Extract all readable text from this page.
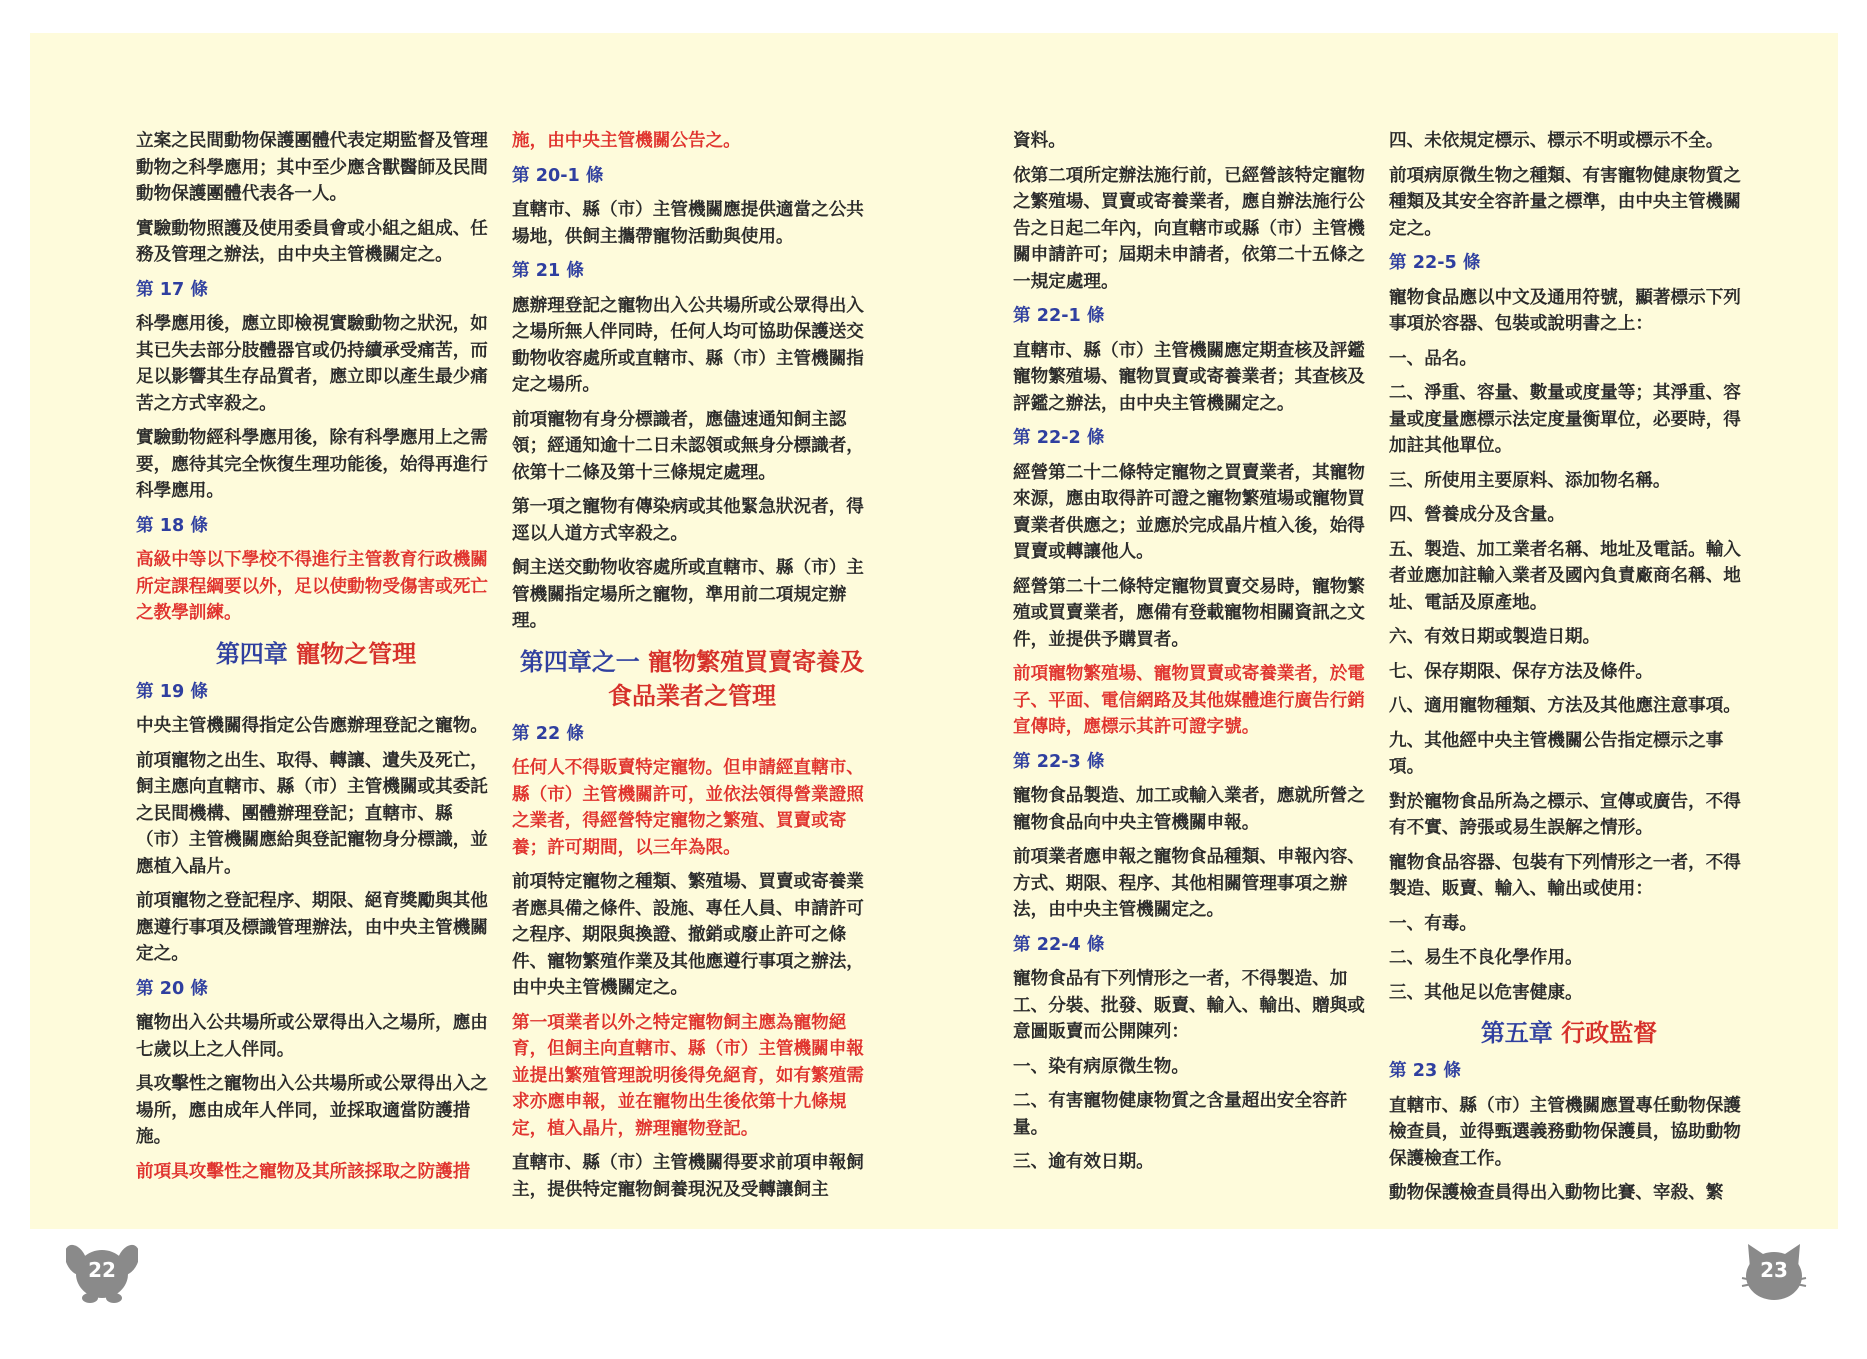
立案之民間動物保護團體代表定期監督及管理動物之科學應用；其中至少應含獸醫師及民間動物保護團體代表各一人。

實驗動物照護及使用委員會或小組之組成、任務及管理之辦法，由中央主管機關定之。

第 17 條

科學應用後，應立即檢視實驗動物之狀況，如其已失去部分肢體器官或仍持續承受痛苦，而足以影響其生存品質者，應立即以產生最少痛苦之方式宰殺之。

實驗動物經科學應用後，除有科學應用上之需要，應待其完全恢復生理功能後，始得再進行科學應用。

第 18 條

高級中等以下學校不得進行主管教育行政機關所定課程綱要以外，足以使動物受傷害或死亡之教學訓練。

第四章 寵物之管理

第 19 條

中央主管機關得指定公告應辦理登記之寵物。

前項寵物之出生、取得、轉讓、遺失及死亡，飼主應向直轄市、縣（市）主管機關或其委託之民間機構、團體辦理登記；直轄市、縣（市）主管機關應給與登記寵物身分標識，並應植入晶片。

前項寵物之登記程序、期限、絕育獎勵與其他應遵行事項及標識管理辦法，由中央主管機關定之。

第 20 條

寵物出入公共場所或公眾得出入之場所，應由七歲以上之人伴同。

具攻擊性之寵物出入公共場所或公眾得出入之場所，應由成年人伴同，並採取適當防護措施。

前項具攻擊性之寵物及其所該採取之防護措

施，由中央主管機關公告之。

第 20-1 條

直轄市、縣（市）主管機關應提供適當之公共場地，供飼主攜帶寵物活動與使用。

第 21 條

應辦理登記之寵物出入公共場所或公眾得出入之場所無人伴同時，任何人均可協助保護送交動物收容處所或直轄市、縣（市）主管機關指定之場所。

前項寵物有身分標識者，應儘速通知飼主認領；經通知逾十二日未認領或無身分標識者，依第十二條及第十三條規定處理。

第一項之寵物有傳染病或其他緊急狀況者，得逕以人道方式宰殺之。

飼主送交動物收容處所或直轄市、縣（市）主管機關指定場所之寵物，準用前二項規定辦理。

第四章之一 寵物繁殖買賣寄養及食品業者之管理

第 22 條

任何人不得販賣特定寵物。但申請經直轄市、縣（市）主管機關許可，並依法領得營業證照之業者，得經營特定寵物之繁殖、買賣或寄養；許可期間，以三年為限。

前項特定寵物之種類、繁殖場、買賣或寄養業者應具備之條件、設施、專任人員、申請許可之程序、期限與換證、撤銷或廢止許可之條件、寵物繁殖作業及其他應遵行事項之辦法，由中央主管機關定之。

第一項業者以外之特定寵物飼主應為寵物絕育，但飼主向直轄市、縣（市）主管機關申報並提出繁殖管理說明後得免絕育，如有繁殖需求亦應申報，並在寵物出生後依第十九條規定，植入晶片，辦理寵物登記。

直轄市、縣（市）主管機關得要求前項申報飼主，提供特定寵物飼養現況及受轉讓飼主

資料。

依第二項所定辦法施行前，已經營該特定寵物之繁殖場、買賣或寄養業者，應自辦法施行公告之日起二年內，向直轄市或縣（市）主管機關申請許可；屆期未申請者，依第二十五條之一規定處理。

第 22-1 條

直轄市、縣（市）主管機關應定期查核及評鑑寵物繁殖場、寵物買賣或寄養業者；其查核及評鑑之辦法，由中央主管機關定之。

第 22-2 條

經營第二十二條特定寵物之買賣業者，其寵物來源，應由取得許可證之寵物繁殖場或寵物買賣業者供應之；並應於完成晶片植入後，始得買賣或轉讓他人。

經營第二十二條特定寵物買賣交易時，寵物繁殖或買賣業者，應備有登載寵物相關資訊之文件，並提供予購買者。

前項寵物繁殖場、寵物買賣或寄養業者，於電子、平面、電信網路及其他媒體進行廣告行銷宣傳時，應標示其許可證字號。

第 22-3 條

寵物食品製造、加工或輸入業者，應就所營之寵物食品向中央主管機關申報。

前項業者應申報之寵物食品種類、申報內容、方式、期限、程序、其他相關管理事項之辦法，由中央主管機關定之。

第 22-4 條

寵物食品有下列情形之一者，不得製造、加工、分裝、批發、販賣、輸入、輸出、贈與或意圖販賣而公開陳列：

一、染有病原微生物。

二、有害寵物健康物質之含量超出安全容許量。

三、逾有效日期。

四、未依規定標示、標示不明或標示不全。

前項病原微生物之種類、有害寵物健康物質之種類及其安全容許量之標準，由中央主管機關定之。

第 22-5 條

寵物食品應以中文及通用符號，顯著標示下列事項於容器、包裝或說明書之上：

一、品名。

二、淨重、容量、數量或度量等；其淨重、容量或度量應標示法定度量衡單位，必要時，得加註其他單位。

三、所使用主要原料、添加物名稱。

四、營養成分及含量。

五、製造、加工業者名稱、地址及電話。輸入者並應加註輸入業者及國內負責廠商名稱、地址、電話及原產地。

六、有效日期或製造日期。

七、保存期限、保存方法及條件。

八、適用寵物種類、方法及其他應注意事項。

九、其他經中央主管機關公告指定標示之事項。

對於寵物食品所為之標示、宣傳或廣告，不得有不實、誇張或易生誤解之情形。

寵物食品容器、包裝有下列情形之一者，不得製造、販賣、輸入、輸出或使用：

一、有毒。

二、易生不良化學作用。

三、其他足以危害健康。

第五章 行政監督

第 23 條

直轄市、縣（市）主管機關應置專任動物保護檢查員，並得甄選義務動物保護員，協助動物保護檢查工作。

動物保護檢查員得出入動物比賽、宰殺、繁

22	23
